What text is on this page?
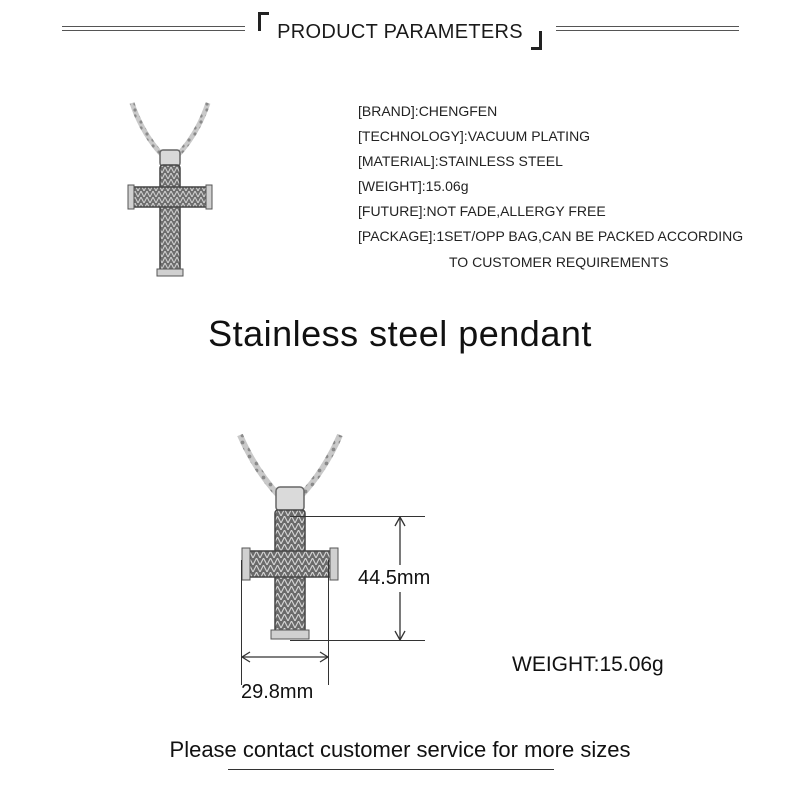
PRODUCT PARAMETERS
[BRAND]:CHENGFEN
[TECHNOLOGY]:VACUUM PLATING
[MATERIAL]:STAINLESS STEEL
[WEIGHT]:15.06g
[FUTURE]:NOT FADE,ALLERGY FREE
[PACKAGE]:1SET/OPP BAG,CAN BE PACKED ACCORDING
TO CUSTOMER REQUIREMENTS
Stainless steel pendant
44.5mm
29.8mm
WEIGHT:15.06g
Please contact customer service for more sizes
